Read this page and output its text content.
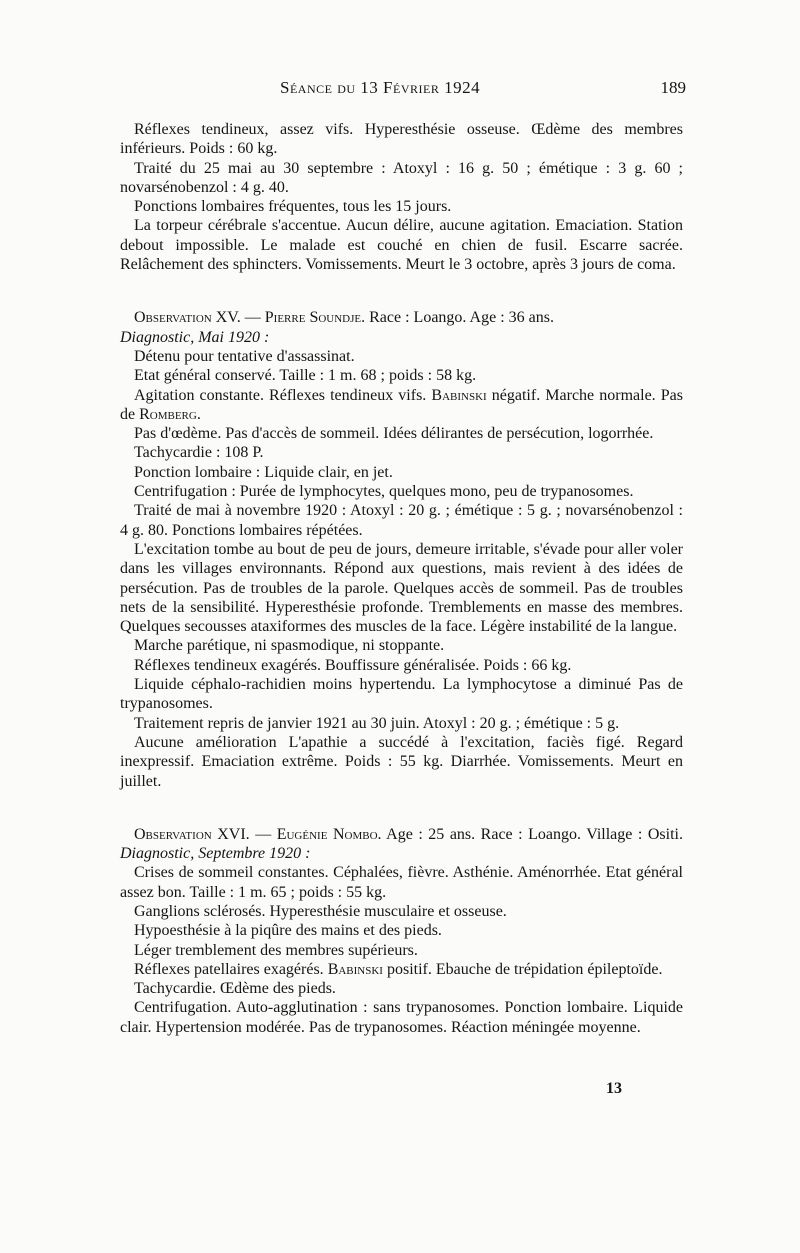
Séance du 13 Février 1924	189

Réflexes tendineux, assez vifs. Hyperesthésie osseuse. Œdème des membres inférieurs. Poids : 60 kg.

Traité du 25 mai au 30 septembre : Atoxyl : 16 g. 50 ; émétique : 3 g. 60 ; novarsénobenzol : 4 g. 40.

Ponctions lombaires fréquentes, tous les 15 jours.

La torpeur cérébrale s'accentue. Aucun délire, aucune agitation. Emaciation. Station debout impossible. Le malade est couché en chien de fusil. Escarre sacrée. Relâchement des sphincters. Vomissements. Meurt le 3 octobre, après 3 jours de coma.

Observation XV. — Pierre Soundje. Race : Loango. Age : 36 ans.

Diagnostic, Mai 1920 :

Détenu pour tentative d'assassinat.

Etat général conservé. Taille : 1 m. 68 ; poids : 58 kg.

Agitation constante. Réflexes tendineux vifs. Babinski négatif. Marche normale. Pas de Romberg.

Pas d'œdème. Pas d'accès de sommeil. Idées délirantes de persécution, logorrhée.

Tachycardie : 108 P.

Ponction lombaire : Liquide clair, en jet.

Centrifugation : Purée de lymphocytes, quelques mono, peu de trypanosomes.

Traité de mai à novembre 1920 : Atoxyl : 20 g. ; émétique : 5 g. ; novarsénobenzol : 4 g. 80. Ponctions lombaires répétées.

L'excitation tombe au bout de peu de jours, demeure irritable, s'évade pour aller voler dans les villages environnants. Répond aux questions, mais revient à des idées de persécution. Pas de troubles de la parole. Quelques accès de sommeil. Pas de troubles nets de la sensibilité. Hyperesthésie profonde. Tremblements en masse des membres. Quelques secousses ataxiformes des muscles de la face. Légère instabilité de la langue.

Marche parétique, ni spasmodique, ni stoppante.

Réflexes tendineux exagérés. Bouffissure généralisée. Poids : 66 kg.

Liquide céphalo-rachidien moins hypertendu. La lymphocytose a diminué Pas de trypanosomes.

Traitement repris de janvier 1921 au 30 juin. Atoxyl : 20 g. ; émétique : 5 g.

Aucune amélioration L'apathie a succédé à l'excitation, faciès figé. Regard inexpressif. Emaciation extrême. Poids : 55 kg. Diarrhée. Vomissements. Meurt en juillet.

Observation XVI. — Eugénie Nombo. Age : 25 ans. Race : Loango. Village : Ositi. Diagnostic, Septembre 1920 :

Crises de sommeil constantes. Céphalées, fièvre. Asthénie. Aménorrhée. Etat général assez bon. Taille : 1 m. 65 ; poids : 55 kg.

Ganglions sclérosés. Hyperesthésie musculaire et osseuse.

Hypoesthésie à la piqûre des mains et des pieds.

Léger tremblement des membres supérieurs.

Réflexes patellaires exagérés. Babinski positif. Ebauche de trépidation épileptoïde.

Tachycardie. Œdème des pieds.

Centrifugation. Auto-agglutination : sans trypanosomes. Ponction lombaire. Liquide clair. Hypertension modérée. Pas de trypanosomes. Réaction méningée moyenne.

13
